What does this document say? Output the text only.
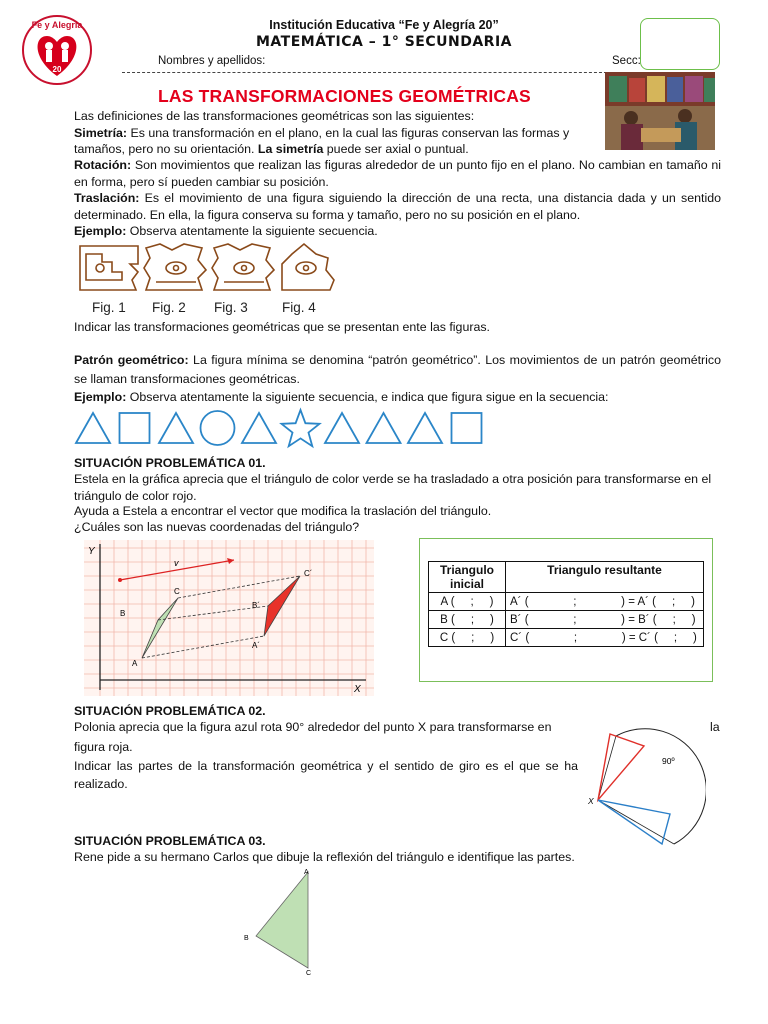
Fe y Alegría
20
Institución Educativa “Fe y Alegría 20”
MATEMÁTICA – 1° SECUNDARIA
Nombres y apellidos:	Secc:
LAS TRANSFORMACIONES GEOMÉTRICAS

Las definiciones de las transformaciones geométricas son las siguientes:

Simetría: Es una transformación en el plano, en la cual las figuras conservan las formas y

tamaños, pero no su orientación. La simetría puede ser axial o puntual.

Rotación: Son movimientos que realizan las figuras alrededor de un punto fijo en el plano. No cambian en tamaño ni en forma, pero sí pueden cambiar su posición.

Traslación: Es el movimiento de una figura siguiendo la dirección de una recta, una distancia dada y un sentido determinado. En ella, la figura conserva su forma y tamaño, pero no su posición en el plano.

Ejemplo: Observa atentamente la siguiente secuencia.

Fig. 1 Fig. 2 Fig. 3	Fig. 4

Indicar las transformaciones geométricas que se presentan ente las figuras.

Patrón geométrico: La figura mínima se denomina “patrón geométrico”. Los movimientos de un patrón geométrico se llaman transformaciones geométricas.

Ejemplo: Observa atentamente la siguiente secuencia, e indica que figura sigue en la secuencia:

SITUACIÓN PROBLEMÁTICA 01.

Estela en la gráfica aprecia que el triángulo de color verde se ha trasladado a otra posición para transformarse en el triángulo de color rojo.

Ayuda a Estela a encontrar el vector que modifica la traslación del triángulo.

¿Cuáles son las nuevas coordenadas del triángulo?

Y
X
v
A
B
C
A´
B´
C´	Triangulo inicial	Triangulo resultante
A (     ;     )	A´ (              ;              ) = A´ (     ;     )
B (     ;     )	B´ (              ;              ) = B´ (     ;     )
C (     ;     )	C´ (              ;              ) = C´ (     ;     )

SITUACIÓN PROBLEMÁTICA 02.

Polonia aprecia que la figura azul rota 90° alrededor del punto X para transformarse en	la

figura roja.

Indicar las partes de la transformación geométrica y el sentido de giro es el que se ha realizado.

90º
X

SITUACIÓN PROBLEMÁTICA 03.

Rene pide a su hermano Carlos que dibuje la reflexión del triángulo e identifique las partes.

A
B
C
